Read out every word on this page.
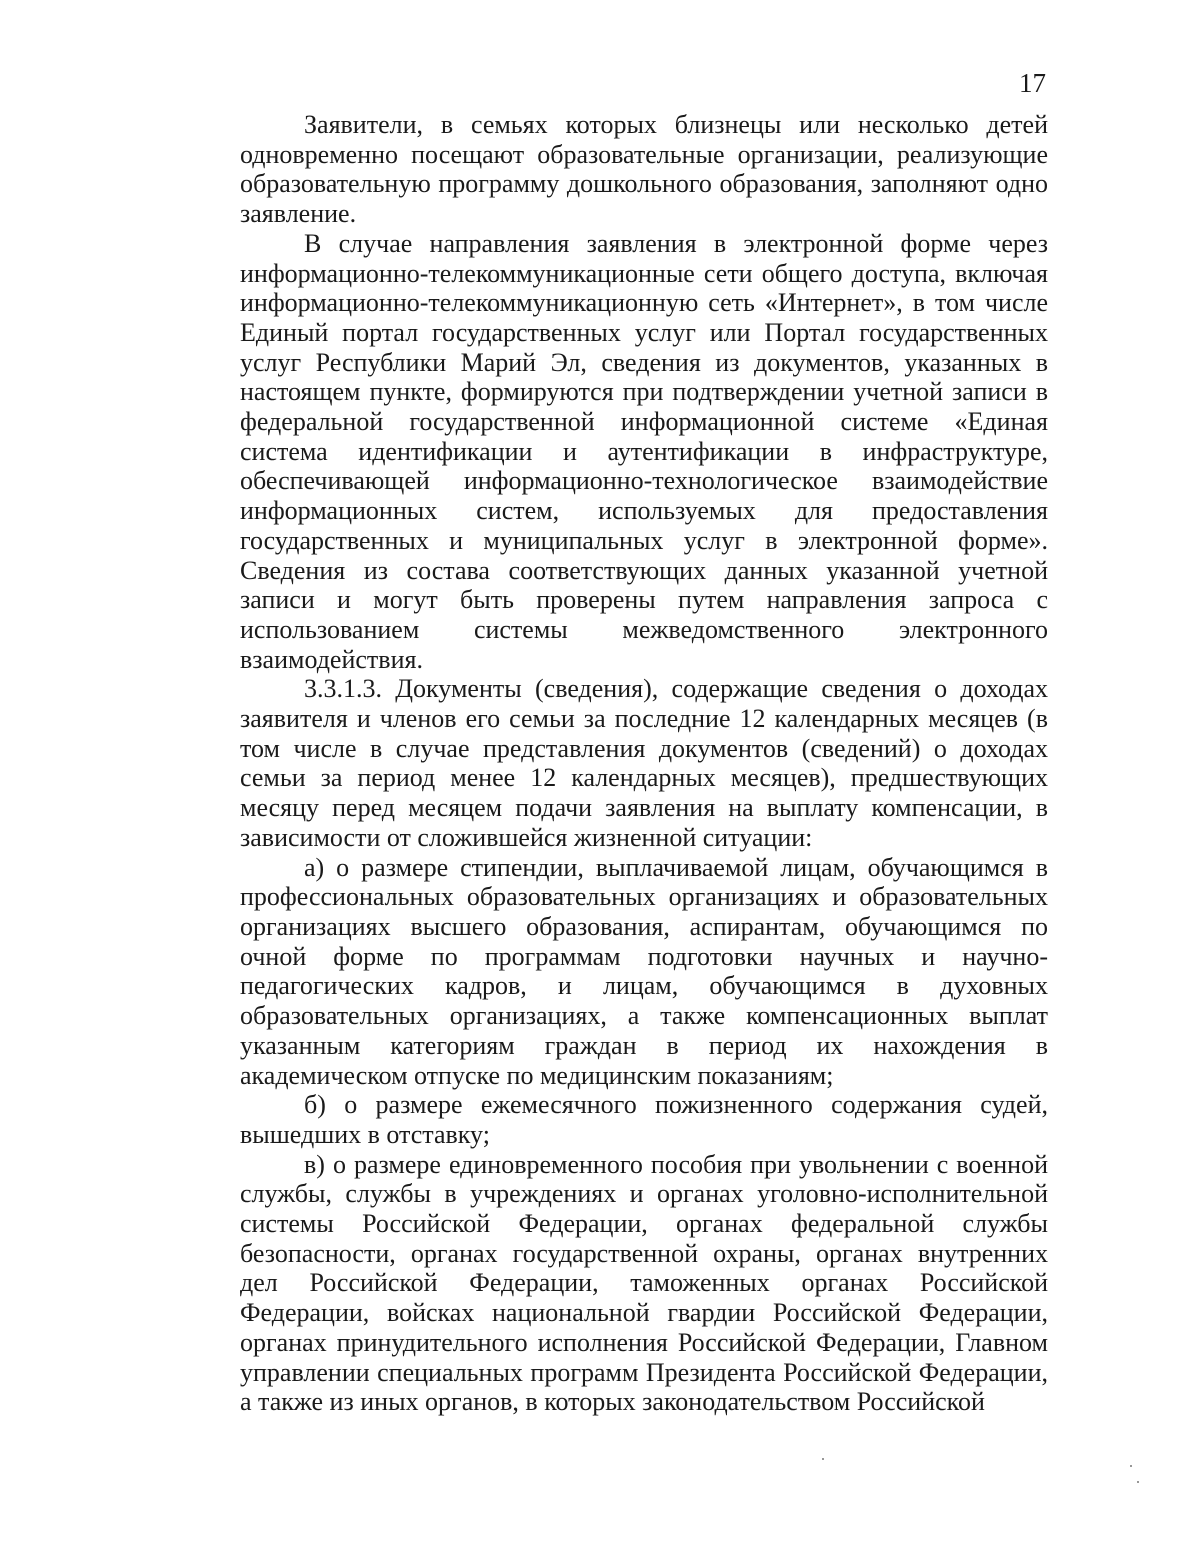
17

Заявители, в семьях которых близнецы или несколько детей одновременно посещают образовательные организации, реализующие образовательную программу дошкольного образования, заполняют одно заявление.

В случае направления заявления в электронной форме через информационно-телекоммуникационные сети общего доступа, включая информационно-телекоммуникационную сеть «Интернет», в том числе Единый портал государственных услуг или Портал государственных услуг Республики Марий Эл, сведения из документов, указанных в настоящем пункте, формируются при подтверждении учетной записи в федеральной государственной информационной системе «Единая система идентификации и аутентификации в инфраструктуре, обеспечивающей информационно-технологическое взаимодействие информационных систем, используемых для предоставления государственных и муниципальных услуг в электронной форме». Сведения из состава соответствующих данных указанной учетной записи и могут быть проверены путем направления запроса с использованием системы межведомственного электронного взаимодействия.

3.3.1.3. Документы (сведения), содержащие сведения о доходах заявителя и членов его семьи за последние 12 календарных месяцев (в том числе в случае представления документов (сведений) о доходах семьи за период менее 12 календарных месяцев), предшествующих месяцу перед месяцем подачи заявления на выплату компенсации, в зависимости от сложившейся жизненной ситуации:

а) о размере стипендии, выплачиваемой лицам, обучающимся в профессиональных образовательных организациях и образовательных организациях высшего образования, аспирантам, обучающимся по очной форме по программам подготовки научных и научно-педагогических кадров, и лицам, обучающимся в духовных образовательных организациях, а также компенсационных выплат указанным категориям граждан в период их нахождения в академическом отпуске по медицинским показаниям;

б) о размере ежемесячного пожизненного содержания судей, вышедших в отставку;

в) о размере единовременного пособия при увольнении с военной службы, службы в учреждениях и органах уголовно-исполнительной системы Российской Федерации, органах федеральной службы безопасности, органах государственной охраны, органах внутренних дел Российской Федерации, таможенных органах Российской Федерации, войсках национальной гвардии Российской Федерации, органах принудительного исполнения Российской Федерации, Главном управлении специальных программ Президента Российской Федерации, а также из иных органов, в которых законодательством Российской
